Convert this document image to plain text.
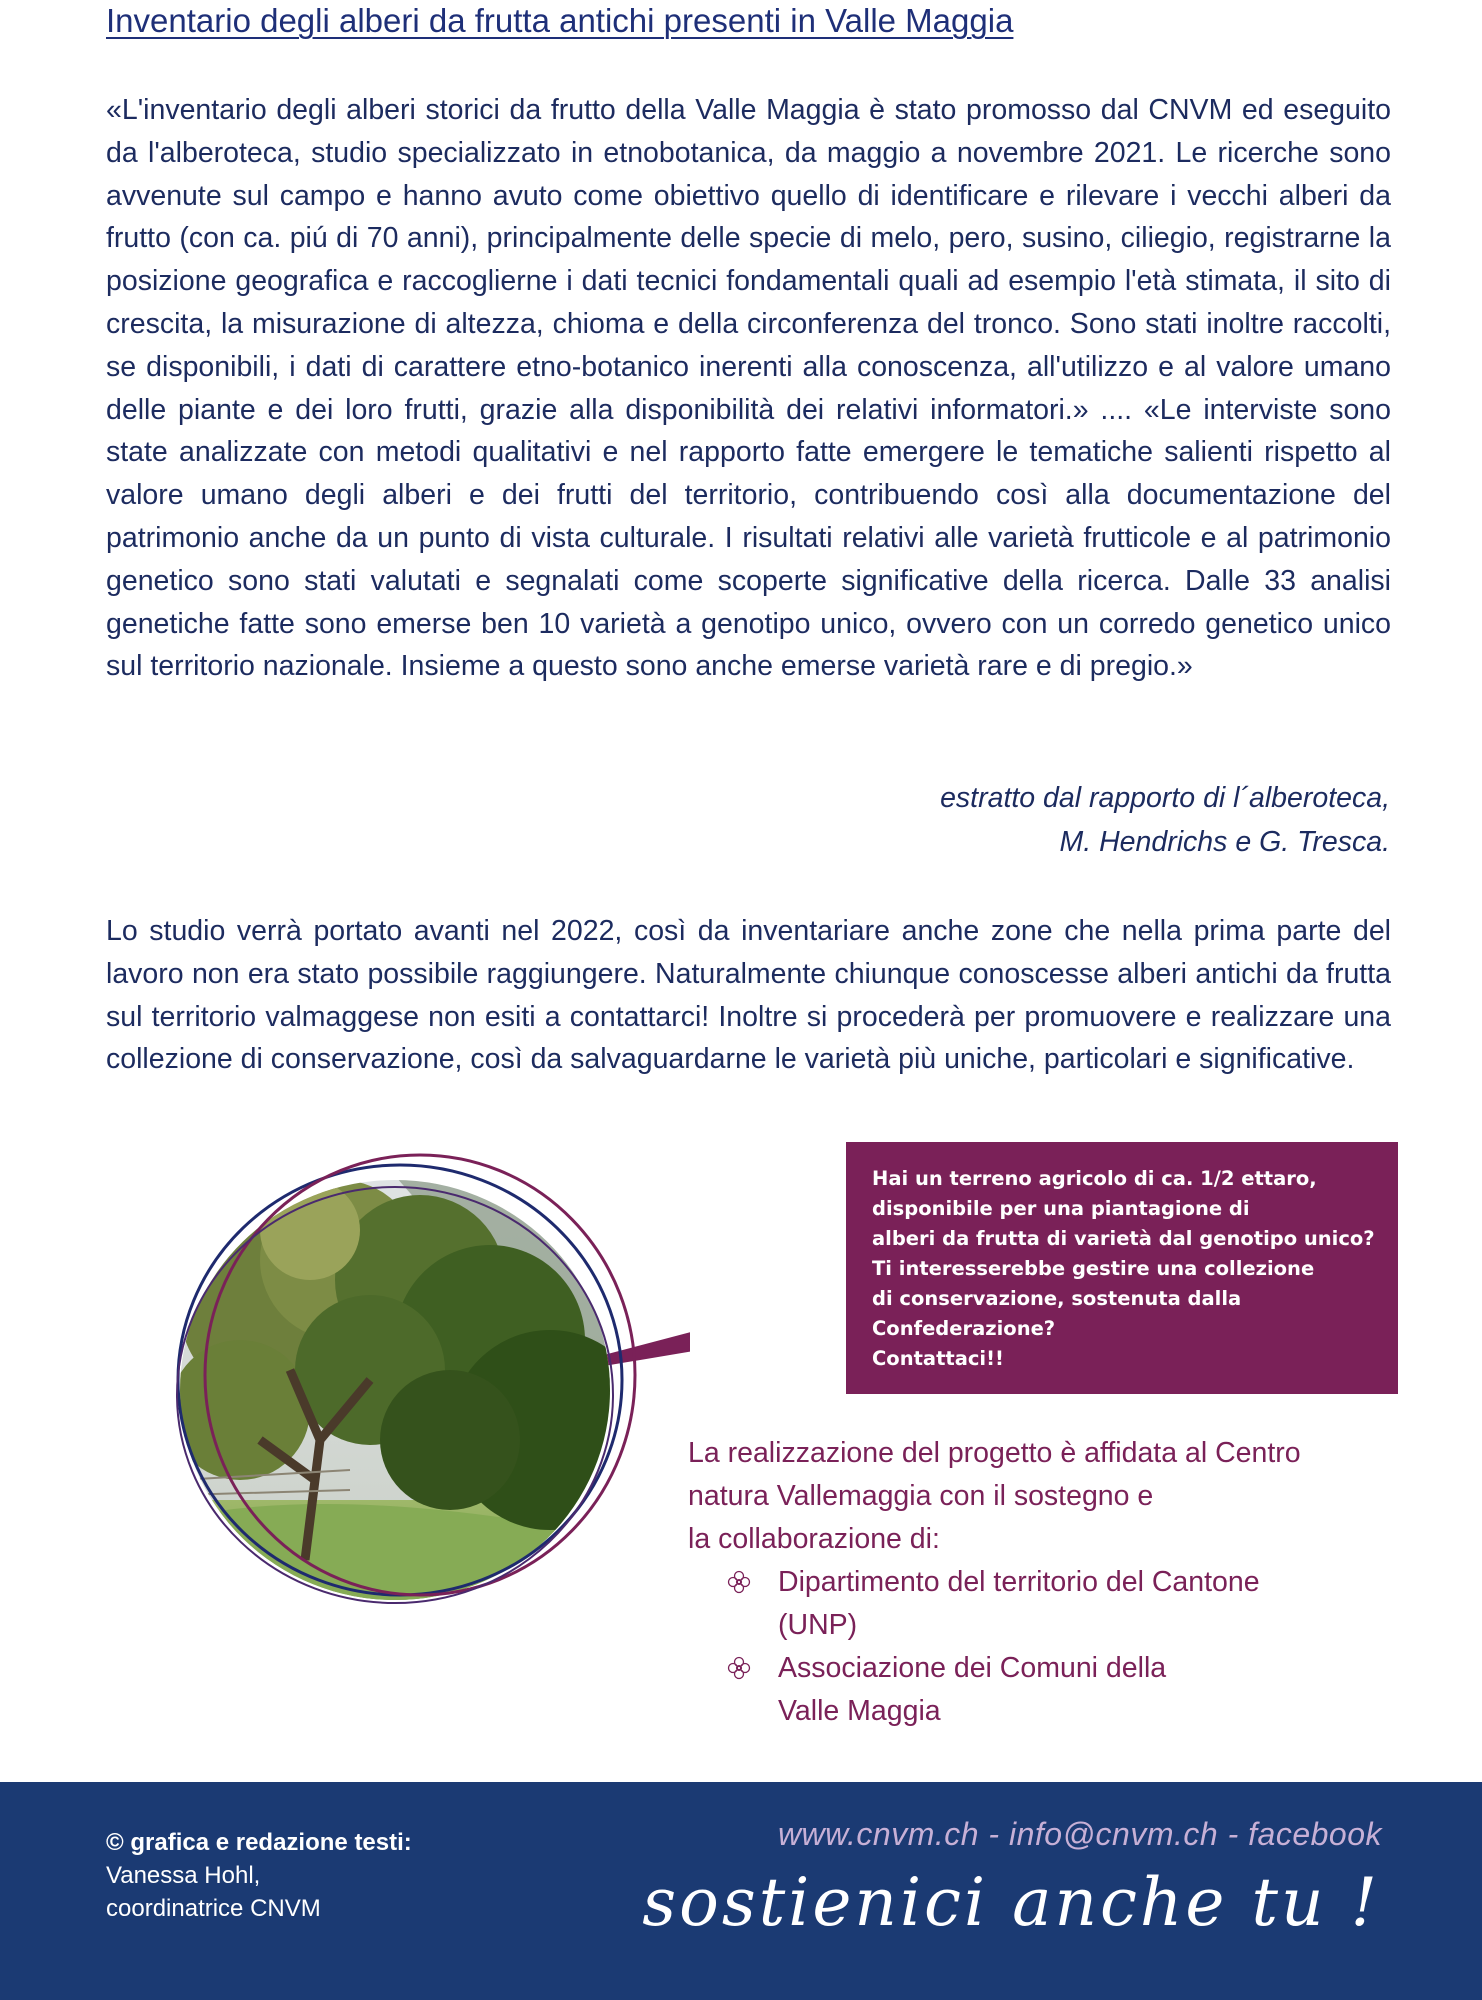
Inventario degli alberi da frutta antichi presenti in Valle Maggia

«L'inventario degli alberi storici da frutto della Valle Maggia è stato promosso dal CNVM ed eseguito da l'alberoteca, studio specializzato in etnobotanica, da maggio a novembre 2021. Le ricerche sono avvenute sul campo e hanno avuto come obiettivo quello di identificare e rilevare i vecchi alberi da frutto (con ca. piú di 70 anni), principalmente delle specie di melo, pero, susino, ciliegio, registrarne la posizione geografica e raccoglierne i dati tecnici fondamentali quali ad esempio l'età stimata, il sito di crescita, la misurazione di altezza, chioma e della circonferenza del tronco. Sono stati inoltre raccolti, se disponibili, i dati di carattere etno-botanico inerenti alla conoscenza, all'utilizzo e al valore umano delle piante e dei loro frutti, grazie alla disponibilità dei relativi informatori.» .... «Le interviste sono state analizzate con metodi qualitativi e nel rapporto fatte emergere le tematiche salienti rispetto al valore umano degli alberi e dei frutti del territorio, contribuendo così alla documentazione del patrimonio anche da un punto di vista culturale. I risultati relativi alle varietà frutticole e al patrimonio genetico sono stati valutati e segnalati come scoperte significative della ricerca. Dalle 33 analisi genetiche fatte sono emerse ben 10 varietà a genotipo unico, ovvero con un corredo genetico unico sul territorio nazionale. Insieme a questo sono anche emerse varietà rare e di pregio.»

estratto dal rapporto di l´alberoteca,
M. Hendrichs e G. Tresca.

Lo studio verrà portato avanti nel 2022, così da inventariare anche zone che nella prima parte del lavoro non era stato possibile raggiungere. Naturalmente chiunque conoscesse alberi antichi da frutta sul territorio valmaggese non esiti a contattarci! Inoltre si procederà per promuovere e realizzare una collezione di conservazione, così da salvaguardarne le varietà più uniche, particolari e significative.

Hai un terreno agricolo di ca. 1/2 ettaro,
disponibile per una piantagione di
alberi da frutta di varietà dal genotipo unico?
Ti interesserebbe gestire una collezione
di conservazione, sostenuta dalla
Confederazione?
Contattaci!!
La realizzazione del progetto è affidata al Centro
natura Vallemaggia con il sostegno e
la collaborazione di:
Dipartimento del territorio del Cantone
(UNP)
Associazione dei Comuni della
Valle Maggia
© grafica e redazione testi:
Vanessa Hohl,
coordinatrice CNVM
www.cnvm.ch - info@cnvm.ch - facebook
sostienici anche tu !
